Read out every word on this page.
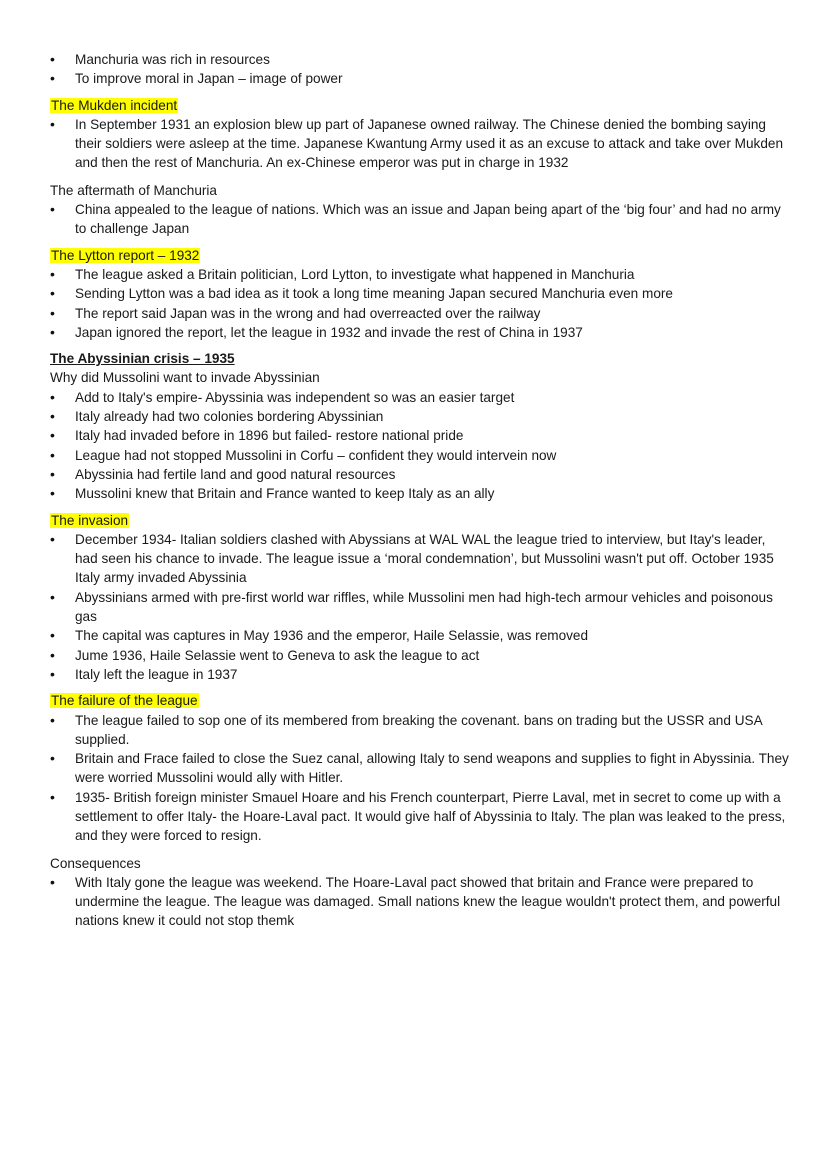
• Manchuria was rich in resources
• To improve moral in Japan – image of power

The Mukden incident

• In September 1931 an explosion blew up part of Japanese owned railway. The Chinese denied the bombing saying their soldiers were asleep at the time. Japanese Kwantung Army used it as an excuse to attack and take over Mukden and then the rest of Manchuria. An ex-Chinese emperor was put in charge in 1932

The aftermath of Manchuria

• China appealed to the league of nations. Which was an issue and Japan being apart of the ‘big four’ and had no army to challenge Japan

The Lytton report – 1932

• The league asked a Britain politician, Lord Lytton, to investigate what happened in Manchuria
• Sending Lytton was a bad idea as it took a long time meaning Japan secured Manchuria even more
• The report said Japan was in the wrong and had overreacted over the railway
• Japan ignored the report, let the league in 1932 and invade the rest of China in 1937

The Abyssinian crisis – 1935

Why did Mussolini want to invade Abyssinian

• Add to Italy's empire- Abyssinia was independent so was an easier target
• Italy already had two colonies bordering Abyssinian
• Italy had invaded before in 1896 but failed- restore national pride
• League had not stopped Mussolini in Corfu – confident they would intervein now
• Abyssinia had fertile land and good natural resources
• Mussolini knew that Britain and France wanted to keep Italy as an ally

The invasion

• December 1934- Italian soldiers clashed with Abyssians at WAL WAL the league tried to interview, but Itay's leader, had seen his chance to invade. The league issue a ‘moral condemnation’, but Mussolini wasn't put off. October 1935 Italy army invaded Abyssinia
• Abyssinians armed with pre-first world war riffles, while Mussolini men had high-tech armour vehicles and poisonous gas
• The capital was captures in May 1936 and the emperor, Haile Selassie, was removed
• Jume 1936, Haile Selassie went to Geneva to ask the league to act
• Italy left the league in 1937

The failure of the league

• The league failed to sop one of its membered from breaking the covenant. bans on trading but the USSR and USA supplied.
• Britain and Frace failed to close the Suez canal, allowing Italy to send weapons and supplies to fight in Abyssinia. They were worried Mussolini would ally with Hitler.
• 1935- British foreign minister Smauel Hoare and his French counterpart, Pierre Laval, met in secret to come up with a settlement to offer Italy- the Hoare-Laval pact. It would give half of Abyssinia to Italy. The plan was leaked to the press, and they were forced to resign.

Consequences

• With Italy gone the league was weekend. The Hoare-Laval pact showed that britain and France were prepared to undermine the league. The league was damaged. Small nations knew the league wouldn't protect them, and powerful nations knew it could not stop themk
